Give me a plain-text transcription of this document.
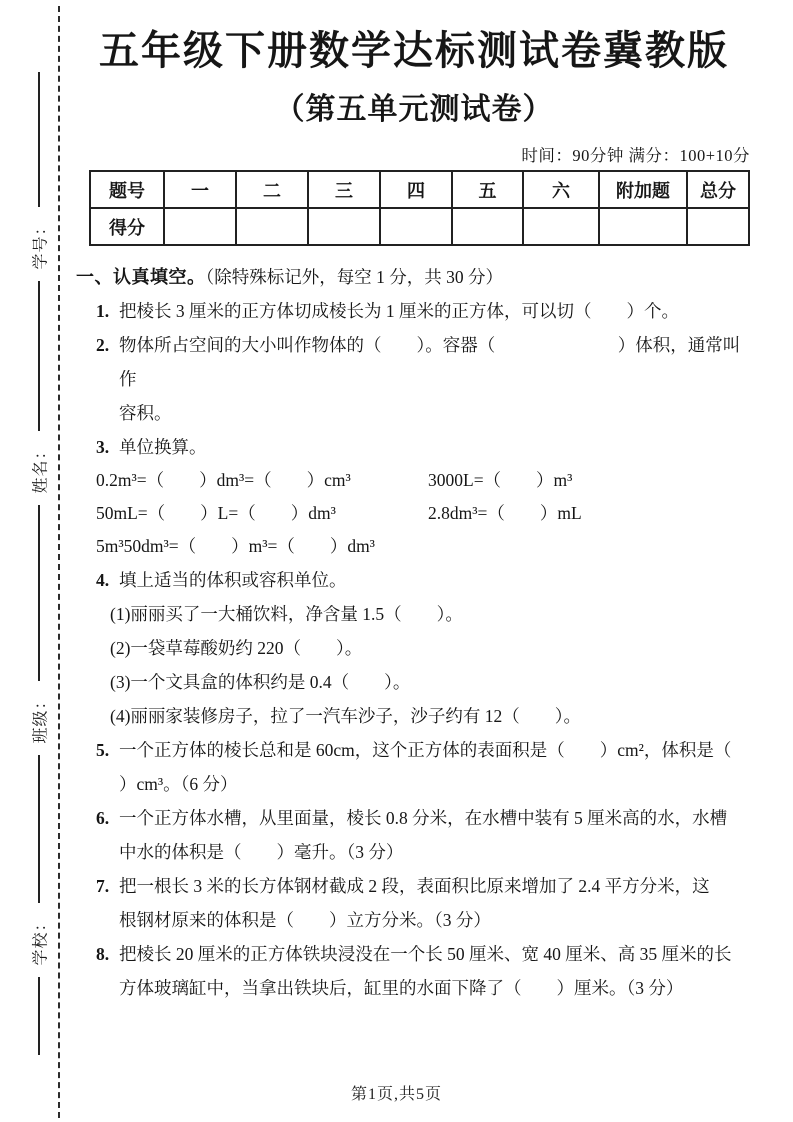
学号：
姓名：
班级：
学校：
五年级下册数学达标测试卷冀教版
（第五单元测试卷）
时间：90分钟 满分：100+10分
题号	一	二	三	四	五	六	附加题	总分
得分								
一、认真填空。（除特殊标记外，每空 1 分，共 30 分）
1. 把棱长 3 厘米的正方体切成棱长为 1 厘米的正方体，可以切（　　）个。
2. 物体所占空间的大小叫作物体的（　　）。容器（　　　　　　　）体积，通常叫作
容积。
3. 单位换算。
0.2m³=（　　）dm³=（　　）cm³	3000L=（　　）m³
50mL=（　　）L=（　　）dm³	2.8dm³=（　　）mL
5m³50dm³=（　　）m³=（　　）dm³
4. 填上适当的体积或容积单位。
(1)丽丽买了一大桶饮料，净含量 1.5（　　）。
(2)一袋草莓酸奶约 220（　　）。
(3)一个文具盒的体积约是 0.4（　　）。
(4)丽丽家装修房子，拉了一汽车沙子，沙子约有 12（　　）。
5. 一个正方体的棱长总和是 60cm，这个正方体的表面积是（　　）cm²，体积是（
）cm³。（6 分）
6. 一个正方体水槽，从里面量，棱长 0.8 分米，在水槽中装有 5 厘米高的水，水槽
中水的体积是（　　）毫升。（3 分）
7. 把一根长 3 米的长方体钢材截成 2 段，表面积比原来增加了 2.4 平方分米，这
根钢材原来的体积是（　　）立方分米。（3 分）
8. 把棱长 20 厘米的正方体铁块浸没在一个长 50 厘米、宽 40 厘米、高 35 厘米的长
方体玻璃缸中，当拿出铁块后，缸里的水面下降了（　　）厘米。（3 分）
第1页,共5页
